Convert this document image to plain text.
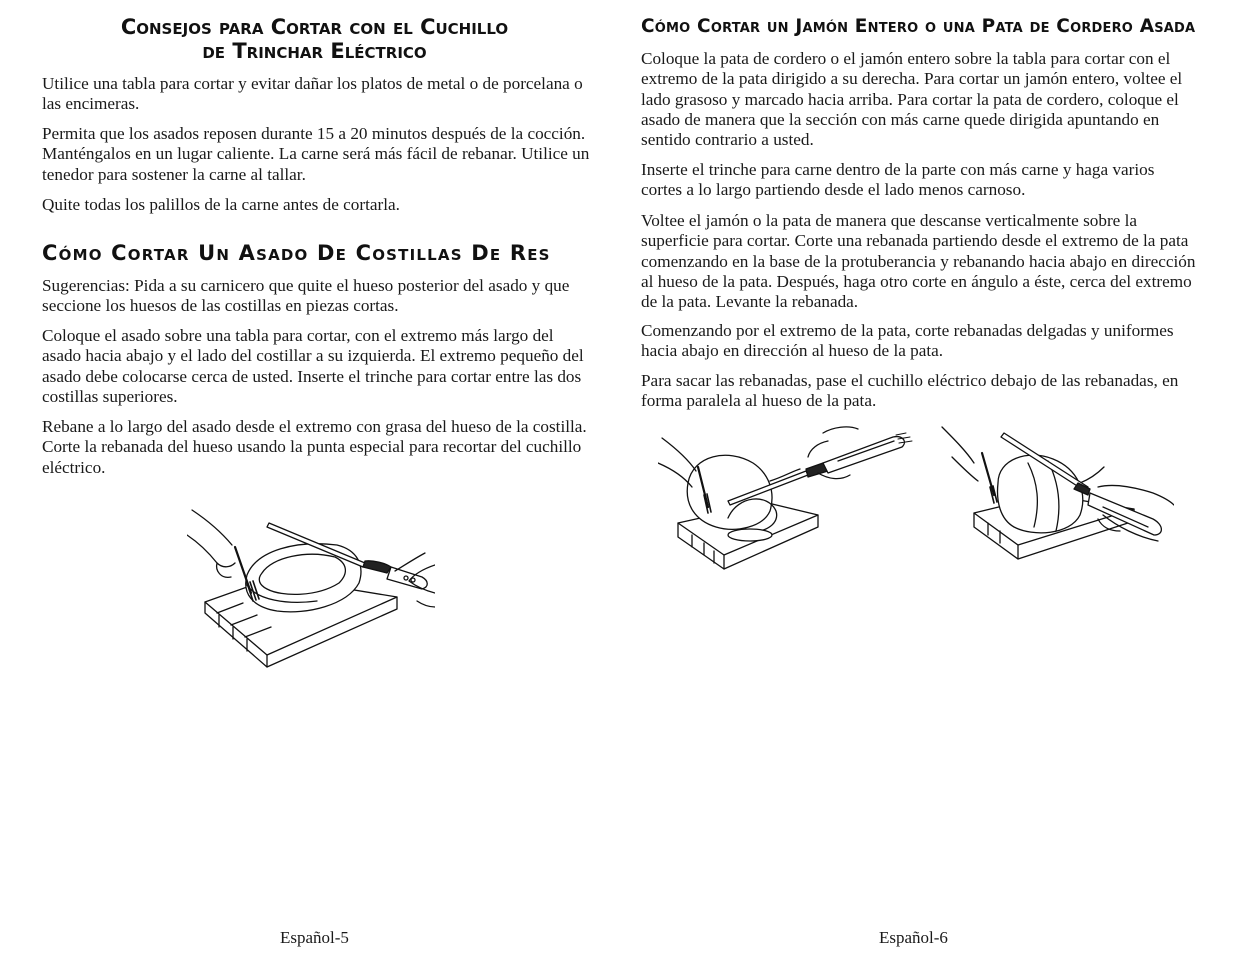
Consejos para Cortar con el Cuchillo
de Trinchar Eléctrico

Utilice una tabla para cortar y evitar dañar los platos de metal o de porcelana o las encimeras.

Permita que los asados reposen durante 15 a 20 minutos después de la cocción. Manténgalos en un lugar caliente. La carne será más fácil de rebanar. Utilice un tenedor para sostener la carne al tallar.

Quite todas los palillos de la carne antes de cortarla.

Cómo Cortar Un Asado De Costillas De Res

Sugerencias: Pida a su carnicero que quite el hueso posterior del asado y que seccione los huesos de las costillas en piezas cortas.

Coloque el asado sobre una tabla para cortar, con el extremo más largo del asado hacia abajo y el lado del costillar a su izquierda. El extremo pequeño del asado debe colocarse cerca de usted. Inserte el trinche para cortar entre las dos costillas superiores.

Rebane a lo largo del asado desde el extremo con grasa del hueso de la costilla. Corte la rebanada del hueso usando la punta especial para recortar del cuchillo eléctrico.

Español-5
Cómo Cortar un Jamón Entero o una Pata de Cordero Asada

Coloque la pata de cordero o el jamón entero sobre la tabla para cortar con el extremo de la pata dirigido a su derecha. Para cortar un jamón entero, voltee el lado grasoso y marcado hacia arriba. Para cortar la pata de cordero, coloque el asado de manera que la sección con más carne quede dirigida apuntando en sentido contrario a usted.

Inserte el trinche para carne dentro de la parte con más carne y haga varios cortes a lo largo partiendo desde el lado menos carnoso.

Voltee el jamón o la pata de manera que descanse verticalmente sobre la superficie para cortar. Corte una rebanada partiendo desde el extremo de la pata comenzando en la base de la protuberancia y rebanando hacia abajo en dirección al hueso de la pata. Después, haga otro corte en ángulo a éste, cerca del extremo de la pata. Levante la rebanada.

Comenzando por el extremo de la pata, corte rebanadas delgadas y uniformes hacia abajo en dirección al hueso de la pata.

Para sacar las rebanadas, pase el cuchillo eléctrico debajo de las rebanadas, en forma paralela al hueso de la pata.

Español-6
